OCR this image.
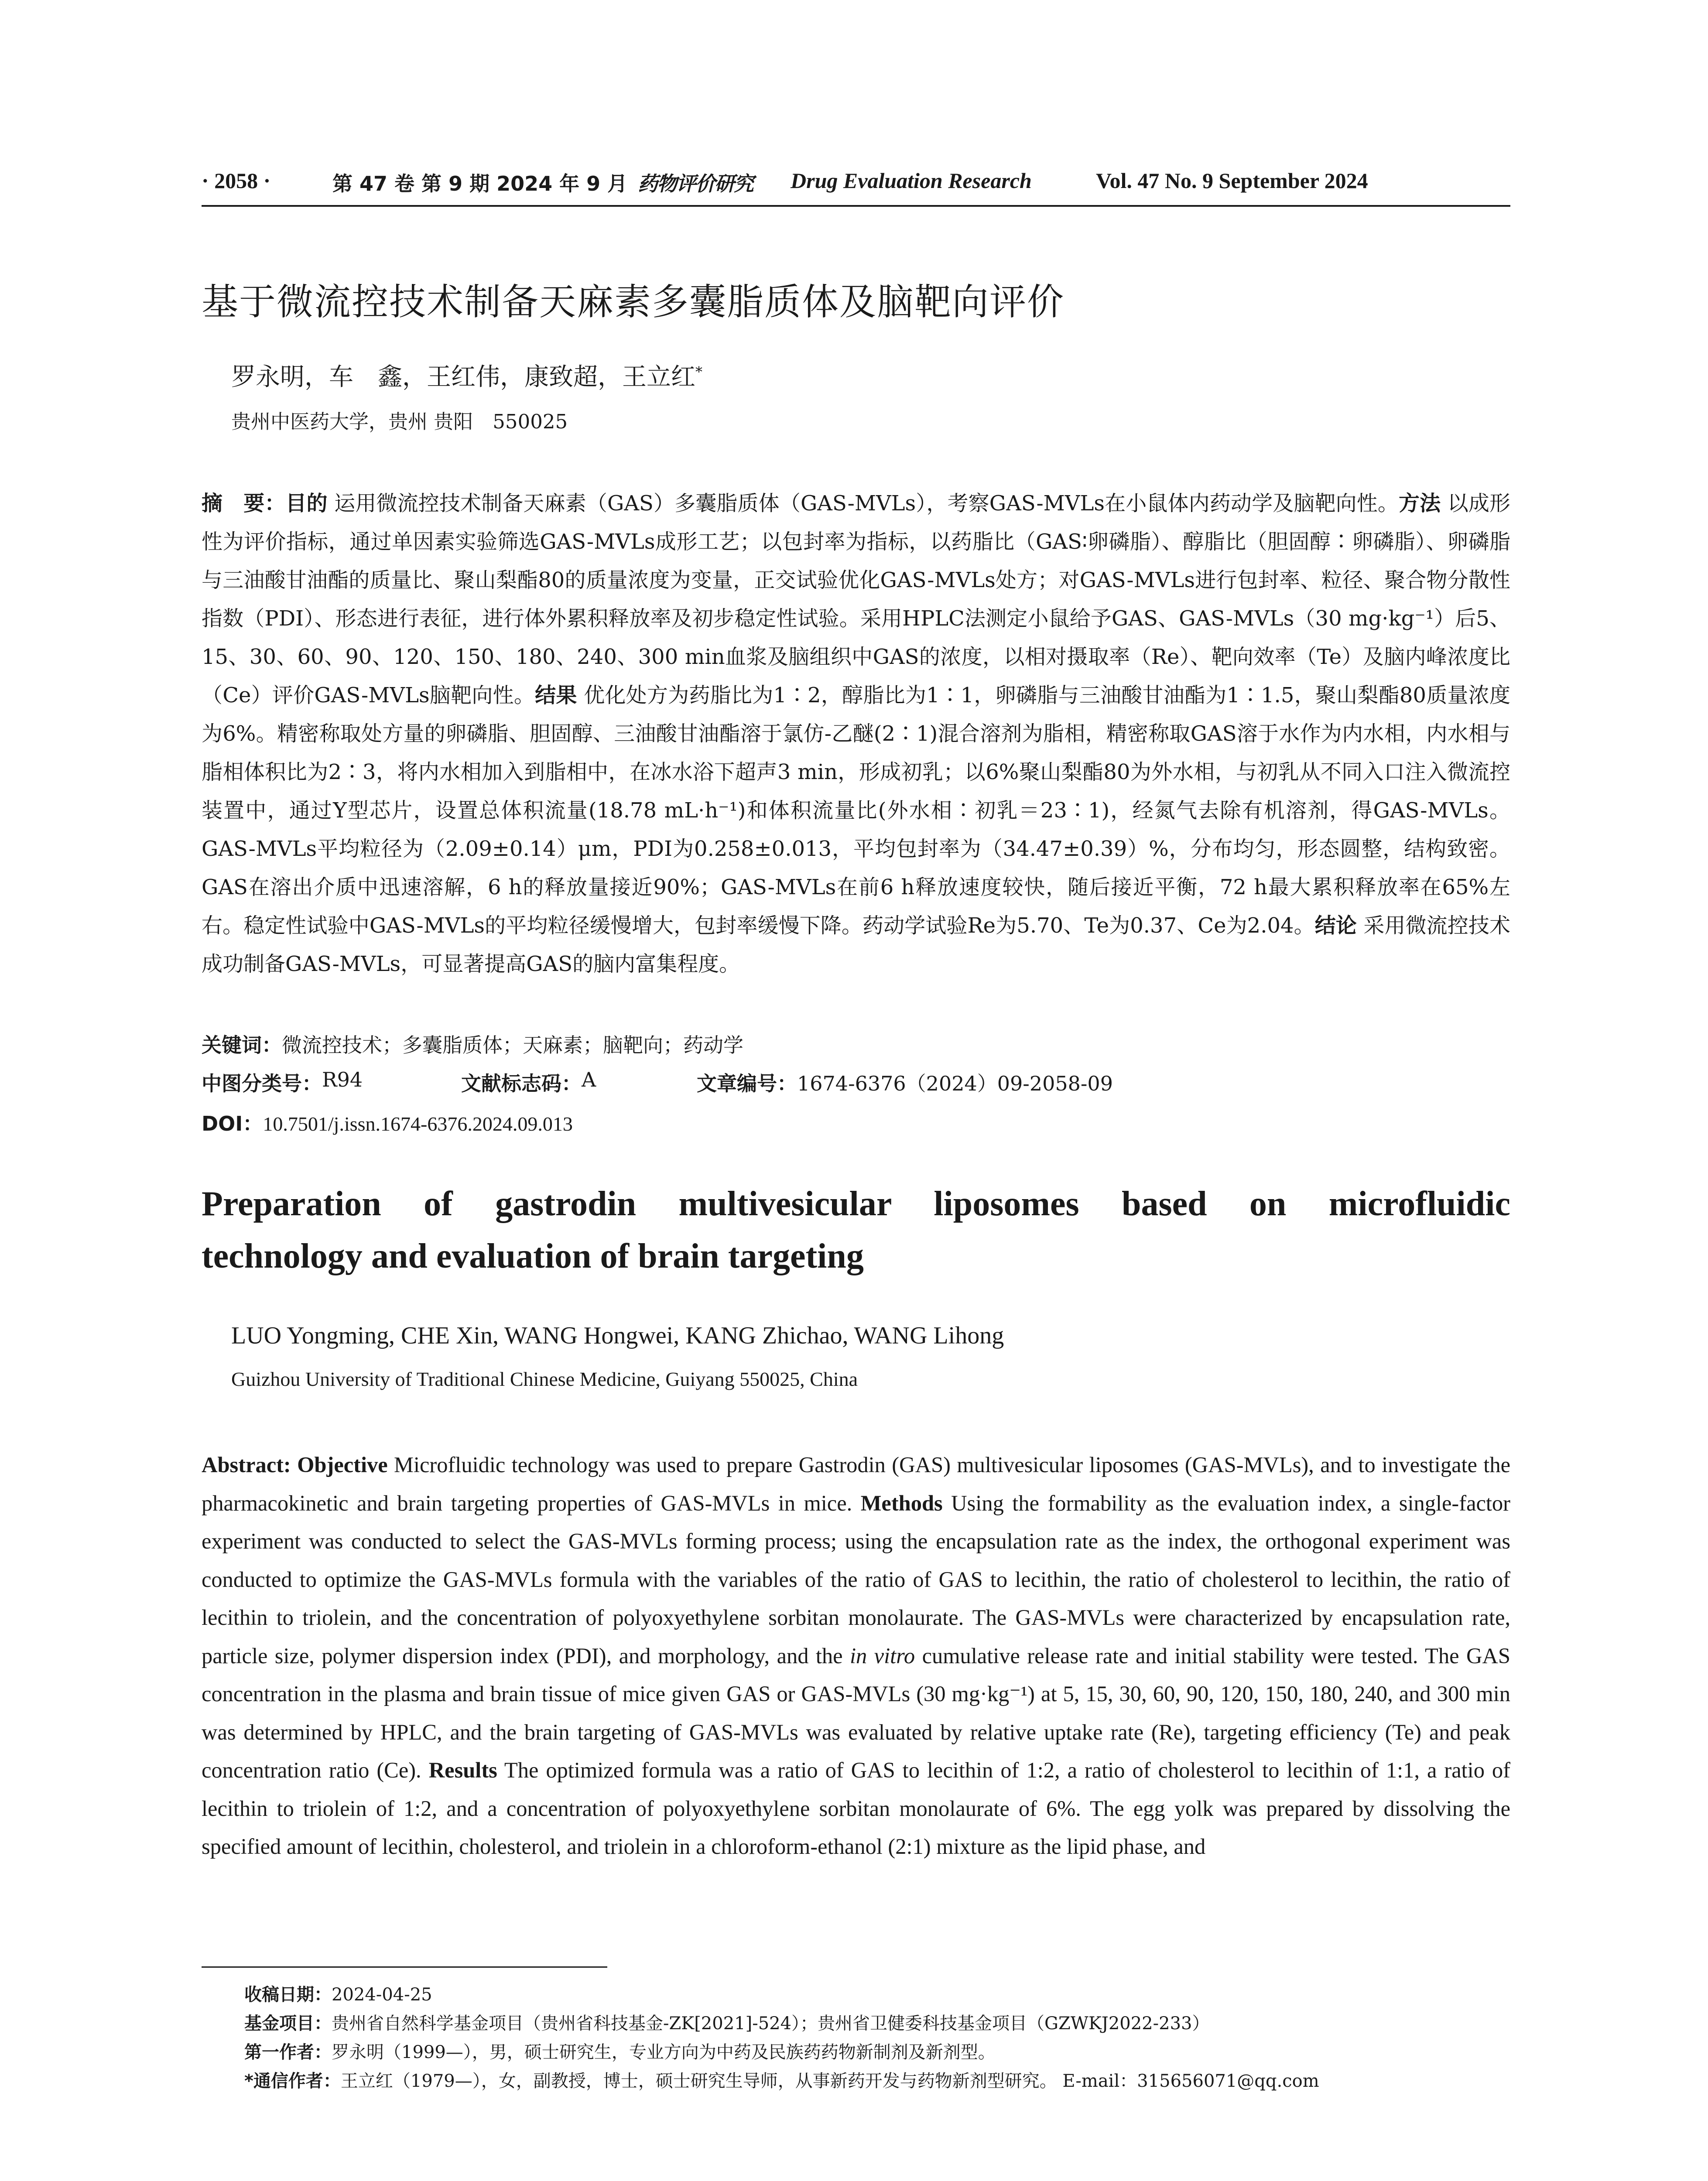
· 2058 ·	第 47 卷 第 9 期 2024 年 9 月 药物评价研究 Drug Evaluation Research	Vol. 47 No. 9 September 2024
基于微流控技术制备天麻素多囊脂质体及脑靶向评价
罗永明，车　鑫，王红伟，康致超，王立红*
贵州中医药大学，贵州 贵阳　550025
摘　要：目的 运用微流控技术制备天麻素（GAS）多囊脂质体（GAS-MVLs），考察GAS-MVLs在小鼠体内药动学及脑靶向性。方法 以成形性为评价指标，通过单因素实验筛选GAS-MVLs成形工艺；以包封率为指标，以药脂比（GAS∶卵磷脂）、醇脂比（胆固醇∶卵磷脂）、卵磷脂与三油酸甘油酯的质量比、聚山梨酯80的质量浓度为变量，正交试验优化GAS-MVLs处方；对GAS-MVLs进行包封率、粒径、聚合物分散性指数（PDI）、形态进行表征，进行体外累积释放率及初步稳定性试验。采用HPLC法测定小鼠给予GAS、GAS-MVLs（30 mg·kg⁻¹）后5、15、30、60、90、120、150、180、240、300 min血浆及脑组织中GAS的浓度，以相对摄取率（Re）、靶向效率（Te）及脑内峰浓度比（Ce）评价GAS-MVLs脑靶向性。结果 优化处方为药脂比为1∶2，醇脂比为1∶1，卵磷脂与三油酸甘油酯为1∶1.5，聚山梨酯80质量浓度为6%。精密称取处方量的卵磷脂、胆固醇、三油酸甘油酯溶于氯仿-乙醚(2∶1)混合溶剂为脂相，精密称取GAS溶于水作为内水相，内水相与脂相体积比为2∶3，将内水相加入到脂相中，在冰水浴下超声3 min，形成初乳；以6%聚山梨酯80为外水相，与初乳从不同入口注入微流控装置中，通过Y型芯片，设置总体积流量(18.78 mL·h⁻¹)和体积流量比(外水相∶初乳＝23∶1)，经氮气去除有机溶剂，得GAS-MVLs。GAS-MVLs平均粒径为（2.09±0.14）μm，PDI为0.258±0.013，平均包封率为（34.47±0.39）%，分布均匀，形态圆整，结构致密。GAS在溶出介质中迅速溶解，6 h的释放量接近90%；GAS-MVLs在前6 h释放速度较快，随后接近平衡，72 h最大累积释放率在65%左右。稳定性试验中GAS-MVLs的平均粒径缓慢增大，包封率缓慢下降。药动学试验Re为5.70、Te为0.37、Ce为2.04。结论 采用微流控技术成功制备GAS-MVLs，可显著提高GAS的脑内富集程度。
关键词：微流控技术；多囊脂质体；天麻素；脑靶向；药动学
中图分类号： R94	文献标志码： A	文章编号： 1674-6376（2024）09-2058-09
DOI：10.7501/j.issn.1674-6376.2024.09.013
Preparation of gastrodin multivesicular liposomes based on microfluidic
technology and evaluation of brain targeting
LUO Yongming, CHE Xin, WANG Hongwei, KANG Zhichao, WANG Lihong
Guizhou University of Traditional Chinese Medicine, Guiyang 550025, China
Abstract: Objective Microfluidic technology was used to prepare Gastrodin (GAS) multivesicular liposomes (GAS-MVLs), and to investigate the pharmacokinetic and brain targeting properties of GAS-MVLs in mice. Methods Using the formability as the evaluation index, a single-factor experiment was conducted to select the GAS-MVLs forming process; using the encapsulation rate as the index, the orthogonal experiment was conducted to optimize the GAS-MVLs formula with the variables of the ratio of GAS to lecithin, the ratio of cholesterol to lecithin, the ratio of lecithin to triolein, and the concentration of polyoxyethylene sorbitan monolaurate. The GAS-MVLs were characterized by encapsulation rate, particle size, polymer dispersion index (PDI), and morphology, and the in vitro cumulative release rate and initial stability were tested. The GAS concentration in the plasma and brain tissue of mice given GAS or GAS-MVLs (30 mg·kg⁻¹) at 5, 15, 30, 60, 90, 120, 150, 180, 240, and 300 min was determined by HPLC, and the brain targeting of GAS-MVLs was evaluated by relative uptake rate (Re), targeting efficiency (Te) and peak concentration ratio (Ce). Results The optimized formula was a ratio of GAS to lecithin of 1:2, a ratio of cholesterol to lecithin of 1:1, a ratio of lecithin to triolein of 1:2, and a concentration of polyoxyethylene sorbitan monolaurate of 6%. The egg yolk was prepared by dissolving the specified amount of lecithin, cholesterol, and triolein in a chloroform-ethanol (2:1) mixture as the lipid phase, and
收稿日期：2024-04-25
基金项目：贵州省自然科学基金项目（贵州省科技基金-ZK[2021]-524）；贵州省卫健委科技基金项目（GZWKJ2022-233）
第一作者：罗永明（1999—），男，硕士研究生，专业方向为中药及民族药药物新制剂及新剂型。
*通信作者：王立红（1979—），女，副教授，博士，硕士研究生导师，从事新药开发与药物新剂型研究。 E-mail：315656071@qq.com
